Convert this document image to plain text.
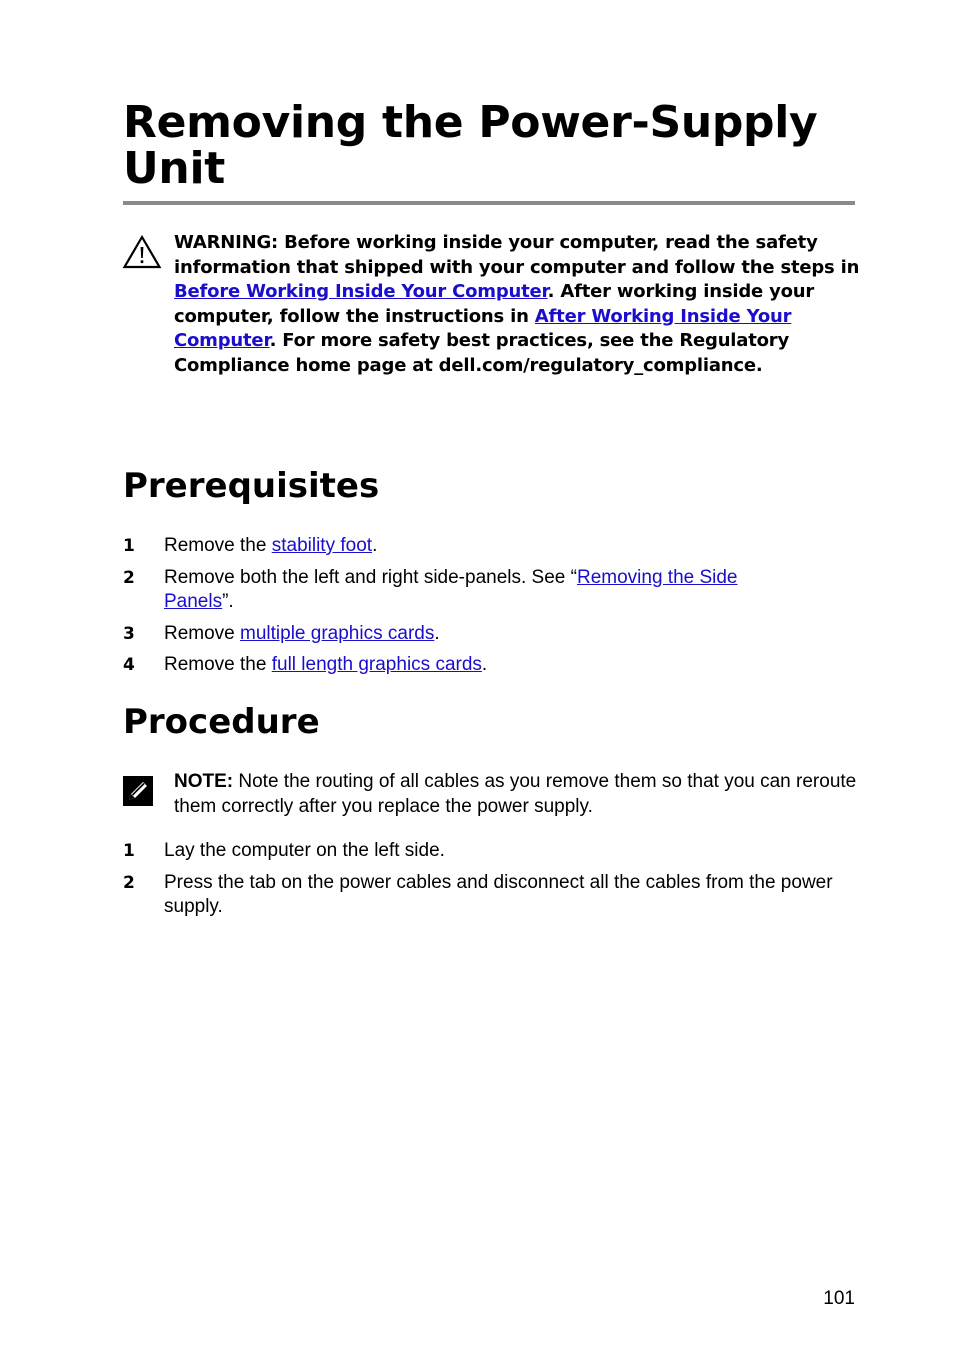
Removing the Power-Supply Unit
WARNING: Before working inside your computer, read the safety information that shipped with your computer and follow the steps in Before Working Inside Your Computer. After working inside your computer, follow the instructions in After Working Inside Your Computer. For more safety best practices, see the Regulatory Compliance home page at dell.com/regulatory_compliance.
Prerequisites
1 Remove the stability foot.
2 Remove both the left and right side-panels. See “Removing the Side Panels”.
3 Remove multiple graphics cards.
4 Remove the full length graphics cards.
Procedure
NOTE: Note the routing of all cables as you remove them so that you can reroute them correctly after you replace the power supply.
1 Lay the computer on the left side.
2 Press the tab on the power cables and disconnect all the cables from the power supply.
101
